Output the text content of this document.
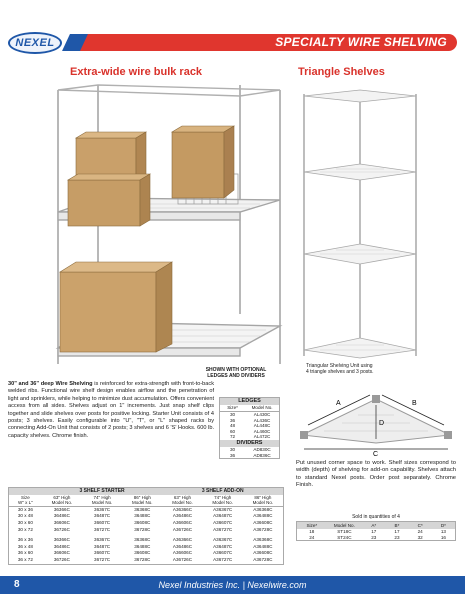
NEXEL	SPECIALTY WIRE SHELVING
Extra-wide wire bulk rack	Triangle Shelves
SHOWN WITH OPTIONAL
LEDGES AND DIVIDERS
Triangular Shelving Unit using
4 triangle shelves and 3 posts.
30" and 36" deep Wire Shelving is reinforced for extra-strength with front-to-back welded ribs. Functional wire shelf design enables airflow and the penetration of light and sprinklers, while helping to minimize dust accumulation. Offers convenient access from all sides. Shelves adjust on 1" increments. Just snap shelf clips together and slide shelves over posts for positive locking. Starter Unit consists of 4 posts; 3 shelves. Easily configurable into "U", "T", or "L" shaped racks by connecting Add-On Unit that consists of 2 posts; 3 shelves and 6 'S' Hooks. 600 lb. capacity shelves. Chrome finish.
LEDGES
Size*	Model No.
30	AL430C
36	AL436C
48	AL448C
60	AL460C
72	AL472C
DIVIDERS
30	AD830C
36	AD836C
3 SHELF STARTER	3 SHELF ADD-ON
Size	63" High	74" High	86" High	63" High	74" High	86" High
W" x L"	Model No.	Model No.	Model No.	Model No.	Model No.	Model No.
30 x 36	36366C	36367C	36368C	A36366C	A36367C	A36368C
30 x 48	36486C	36487C	36488C	A36486C	A36487C	A36488C
30 x 60	36606C	36607C	36608C	A36606C	A36607C	A36608C
30 x 72	36726C	36727C	36728C	A36726C	A36727C	A36728C
36 x 36	36366C	36367C	36368C	A36366C	A36367C	A36368C
36 x 48	36486C	36487C	36488C	A36486C	A36487C	A36488C
36 x 60	36606C	36607C	36608C	A36606C	A36607C	A36608C
36 x 72	36726C	36727C	36728C	A36726C	A36727C	A36728C
A	B
D
C
Put unused corner space to work. Shelf sizes correspond to width (depth) of shelving for add-on capability. Shelves attach to standard Nexel posts. Order post separately. Chrome Finish.
Sold in quantities of 4
Size*	Model No.	A*	B*	C*	D*
18	ST18C	17	17	24	13
24	ST24C	23	23	32	16
8	Nexel Industries Inc. | Nexelwire.com
